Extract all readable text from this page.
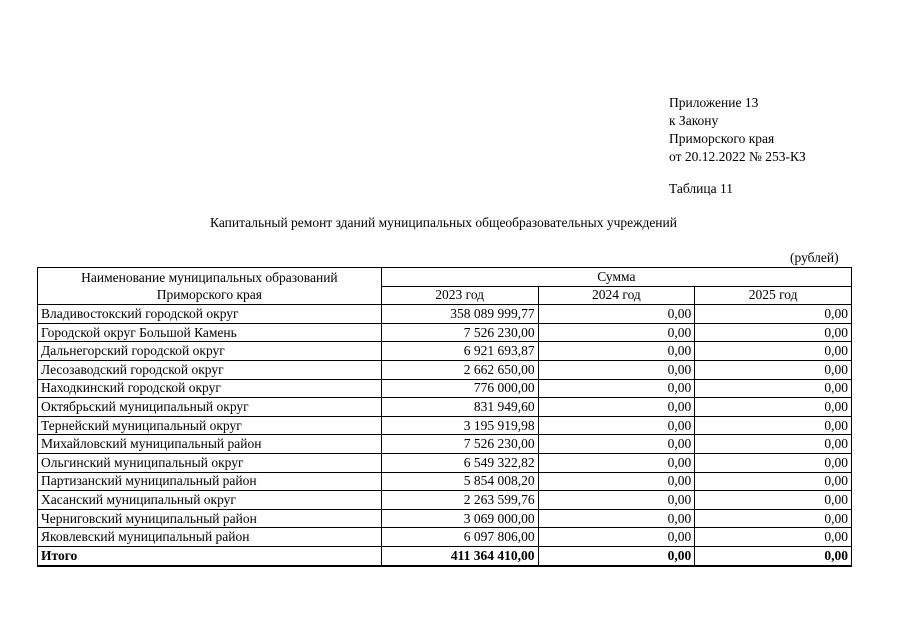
Приложение 13
к Закону
Приморского края
от 20.12.2022 № 253-КЗ
Таблица 11
Капитальный ремонт зданий муниципальных общеобразовательных учреждений
(рублей)
Наименование муниципальных образований
Приморского края	Сумма		
	2023 год	2024 год	2025 год
Владивостокский городской округ	358 089 999,77	0,00	0,00
Городской округ Большой Камень	7 526 230,00	0,00	0,00
Дальнегорский городской округ	6 921 693,87	0,00	0,00
Лесозаводский городской округ	2 662 650,00	0,00	0,00
Находкинский городской округ	776 000,00	0,00	0,00
Октябрьский муниципальный округ	831 949,60	0,00	0,00
Тернейский муниципальный округ	3 195 919,98	0,00	0,00
Михайловский муниципальный район	7 526 230,00	0,00	0,00
Ольгинский муниципальный округ	6 549 322,82	0,00	0,00
Партизанский муниципальный район	5 854 008,20	0,00	0,00
Хасанский муниципальный округ	2 263 599,76	0,00	0,00
Черниговский муниципальный район	3 069 000,00	0,00	0,00
Яковлевский муниципальный район	6 097 806,00	0,00	0,00
Итого	411 364 410,00	0,00	0,00
